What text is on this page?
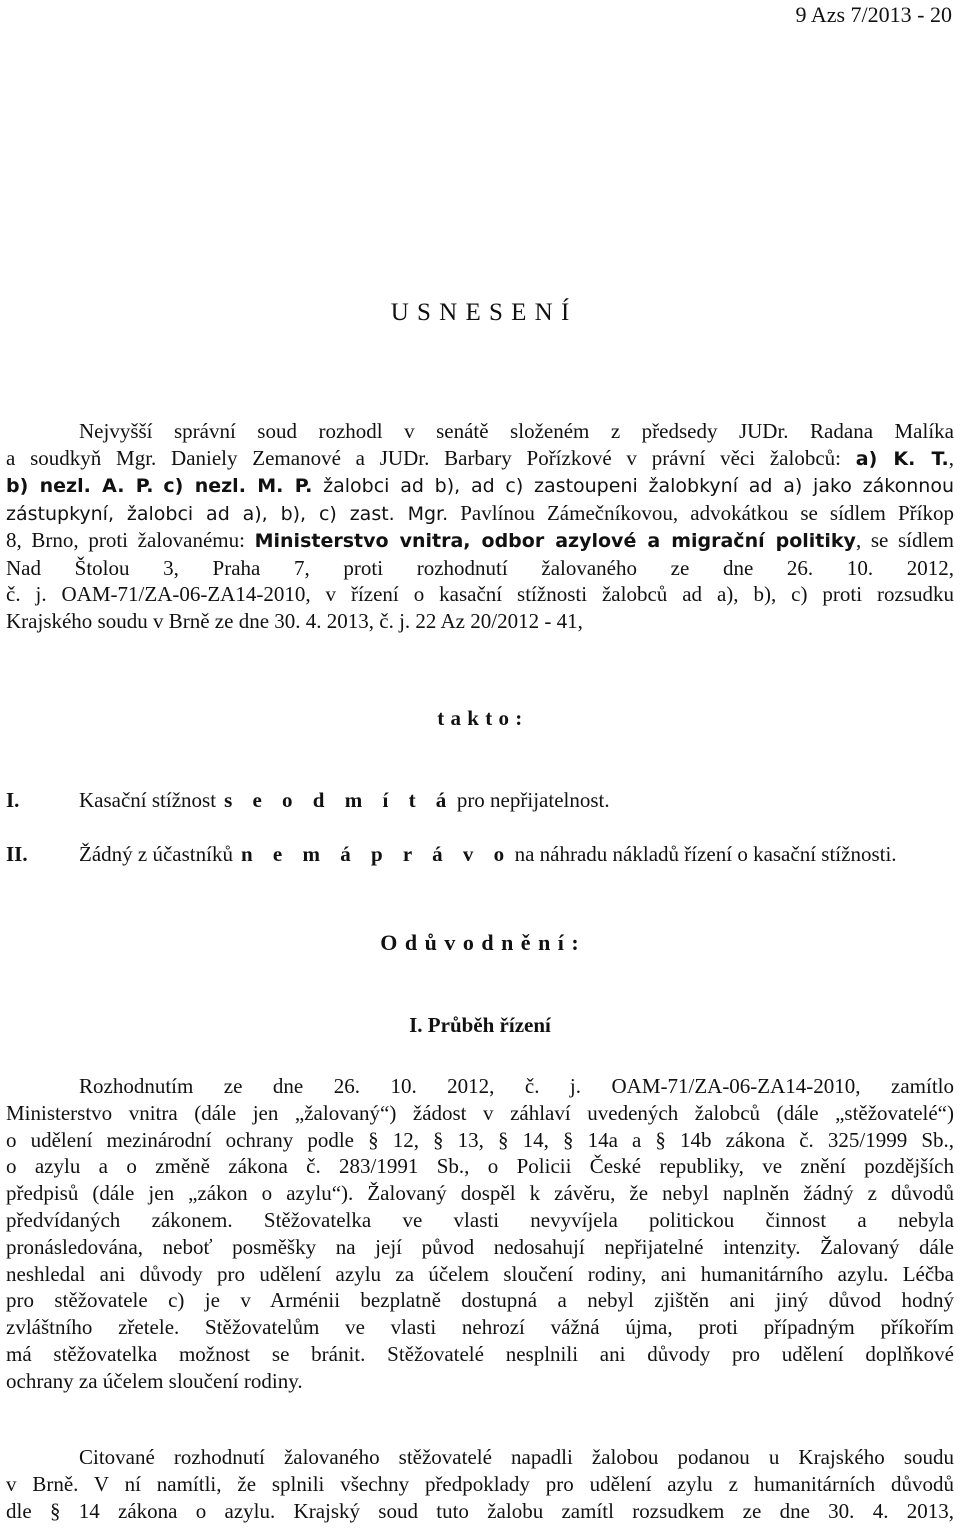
9 Azs 7/2013 - 20
U S N E S E N Í

Nejvyšší správní soud rozhodl v senátě složeném z předsedy JUDr. Radana Malíka

a soudkyň Mgr. Daniely Zemanové a JUDr. Barbary Pořízkové v právní věci žalobců: a) K. T.,

b) nezl. A. P. c) nezl. M. P. žalobci ad b), ad c) zastoupeni žalobkyní ad a) jako zákonnou

zástupkyní, žalobci ad a), b), c) zast. Mgr. Pavlínou Zámečníkovou, advokátkou se sídlem Příkop

8, Brno, proti žalovanému: Ministerstvo vnitra, odbor azylové a migrační politiky, se sídlem

Nad Štolou 3, Praha 7, proti rozhodnutí žalovaného ze dne 26. 10. 2012,

č. j. OAM-71/ZA-06-ZA14-2010, v řízení o kasační stížnosti žalobců ad a), b), c) proti rozsudku

Krajského soudu v Brně ze dne 30. 4. 2013, č. j. 22 Az 20/2012 - 41,

t a k t o :
I.	Kasační stížnost s e o d m í t á pro nepřijatelnost.
II. Žádný z účastníků n e m á p r á v o na náhradu nákladů řízení o kasační stížnosti.
O d ů v o d n ě n í :
I. Průběh řízení

Rozhodnutím ze dne 26. 10. 2012, č. j. OAM-71/ZA-06-ZA14-2010, zamítlo

Ministerstvo vnitra (dále jen „žalovaný“) žádost v záhlaví uvedených žalobců (dále „stěžovatelé“)

o udělení mezinárodní ochrany podle § 12, § 13, § 14, § 14a a § 14b zákona č. 325/1999 Sb.,

o azylu a o změně zákona č. 283/1991 Sb., o Policii České republiky, ve znění pozdějších

předpisů (dále jen „zákon o azylu“). Žalovaný dospěl k závěru, že nebyl naplněn žádný z důvodů

předvídaných zákonem. Stěžovatelka ve vlasti nevyvíjela politickou činnost a nebyla

pronásledována, neboť posměšky na její původ nedosahují nepřijatelné intenzity. Žalovaný dále

neshledal ani důvody pro udělení azylu za účelem sloučení rodiny, ani humanitárního azylu. Léčba

pro stěžovatele c) je v Arménii bezplatně dostupná a nebyl zjištěn ani jiný důvod hodný

zvláštního zřetele. Stěžovatelům ve vlasti nehrozí vážná újma, proti případným příkořím

má stěžovatelka možnost se bránit. Stěžovatelé nesplnili ani důvody pro udělení doplňkové

ochrany za účelem sloučení rodiny.

Citované rozhodnutí žalovaného stěžovatelé napadli žalobou podanou u Krajského soudu

v Brně. V ní namítli, že splnili všechny předpoklady pro udělení azylu z humanitárních důvodů

dle § 14 zákona o azylu. Krajský soud tuto žalobu zamítl rozsudkem ze dne 30. 4. 2013,
